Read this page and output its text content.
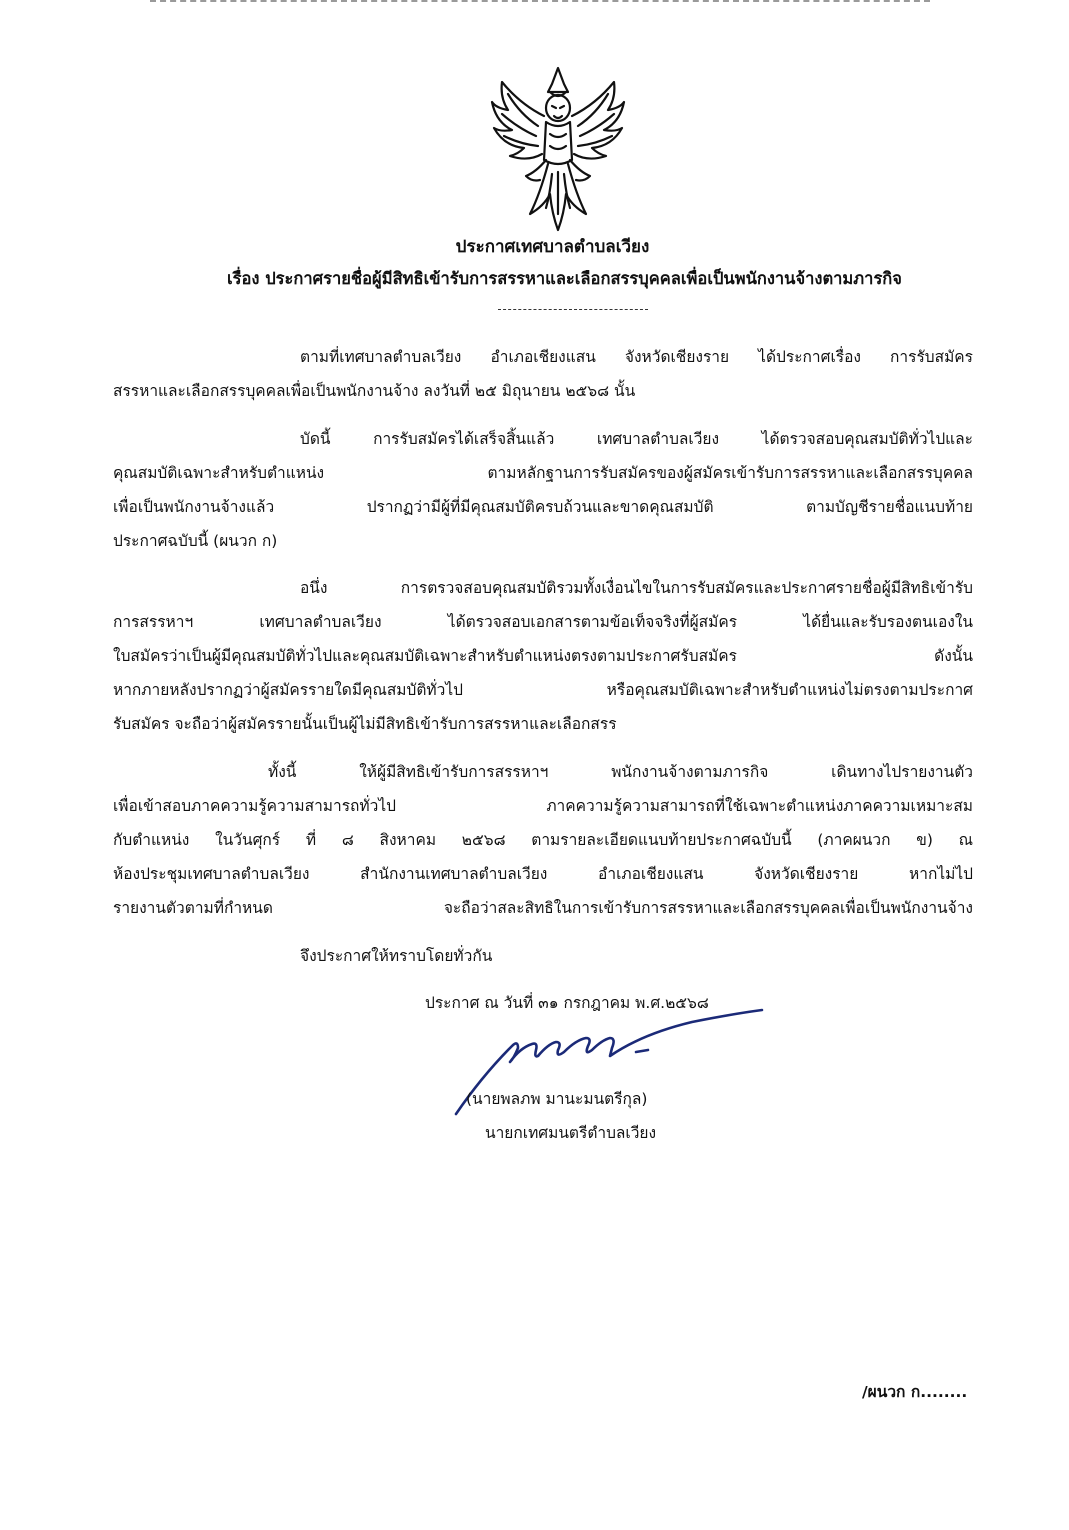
ประกาศเทศบาลตำบลเวียง
เรื่อง ประกาศรายชื่อผู้มีสิทธิเข้ารับการสรรหาและเลือกสรรบุคคลเพื่อเป็นพนักงานจ้างตามภารกิจ
ตามที่เทศบาลตำบลเวียง อำเภอเชียงแสน จังหวัดเชียงราย ได้ประกาศเรื่อง การรับสมัคร
สรรหาและเลือกสรรบุคคลเพื่อเป็นพนักงานจ้าง ลงวันที่ ๒๕ มิถุนายน ๒๕๖๘ นั้น
บัดนี้ การรับสมัครได้เสร็จสิ้นแล้ว เทศบาลตำบลเวียง ได้ตรวจสอบคุณสมบัติทั่วไปและ
คุณสมบัติเฉพาะสำหรับตำแหน่ง ตามหลักฐานการรับสมัครของผู้สมัครเข้ารับการสรรหาและเลือกสรรบุคคล
เพื่อเป็นพนักงานจ้างแล้ว ปรากฏว่ามีผู้ที่มีคุณสมบัติครบถ้วนและขาดคุณสมบัติ ตามบัญชีรายชื่อแนบท้าย
ประกาศฉบับนี้ (ผนวก ก)
อนึ่ง การตรวจสอบคุณสมบัติรวมทั้งเงื่อนไขในการรับสมัครและประกาศรายชื่อผู้มีสิทธิเข้ารับ
การสรรหาฯ เทศบาลตำบลเวียง ได้ตรวจสอบเอกสารตามข้อเท็จจริงที่ผู้สมัคร ได้ยื่นและรับรองตนเองใน
ใบสมัครว่าเป็นผู้มีคุณสมบัติทั่วไปและคุณสมบัติเฉพาะสำหรับตำแหน่งตรงตามประกาศรับสมัคร ดังนั้น
หากภายหลังปรากฏว่าผู้สมัครรายใดมีคุณสมบัติทั่วไป หรือคุณสมบัติเฉพาะสำหรับตำแหน่งไม่ตรงตามประกาศ
รับสมัคร จะถือว่าผู้สมัครรายนั้นเป็นผู้ไม่มีสิทธิเข้ารับการสรรหาและเลือกสรร
ทั้งนี้ ให้ผู้มีสิทธิเข้ารับการสรรหาฯ พนักงานจ้างตามภารกิจ เดินทางไปรายงานตัว
เพื่อเข้าสอบภาคความรู้ความสามารถทั่วไป ภาคความรู้ความสามารถที่ใช้เฉพาะตำแหน่งภาคความเหมาะสม
กับตำแหน่ง ในวันศุกร์ ที่ ๘ สิงหาคม ๒๕๖๘ ตามรายละเอียดแนบท้ายประกาศฉบับนี้ (ภาคผนวก ข) ณ
ห้องประชุมเทศบาลตำบลเวียง สำนักงานเทศบาลตำบลเวียง อำเภอเชียงแสน จังหวัดเชียงราย หากไม่ไป
รายงานตัวตามที่กำหนด จะถือว่าสละสิทธิในการเข้ารับการสรรหาและเลือกสรรบุคคลเพื่อเป็นพนักงานจ้าง
จึงประกาศให้ทราบโดยทั่วกัน
ประกาศ ณ วันที่ ๓๑ กรกฎาคม พ.ศ.๒๕๖๘
(นายพลภพ มานะมนตรีกุล)
นายกเทศมนตรีตำบลเวียง
/ผนวก ก........
